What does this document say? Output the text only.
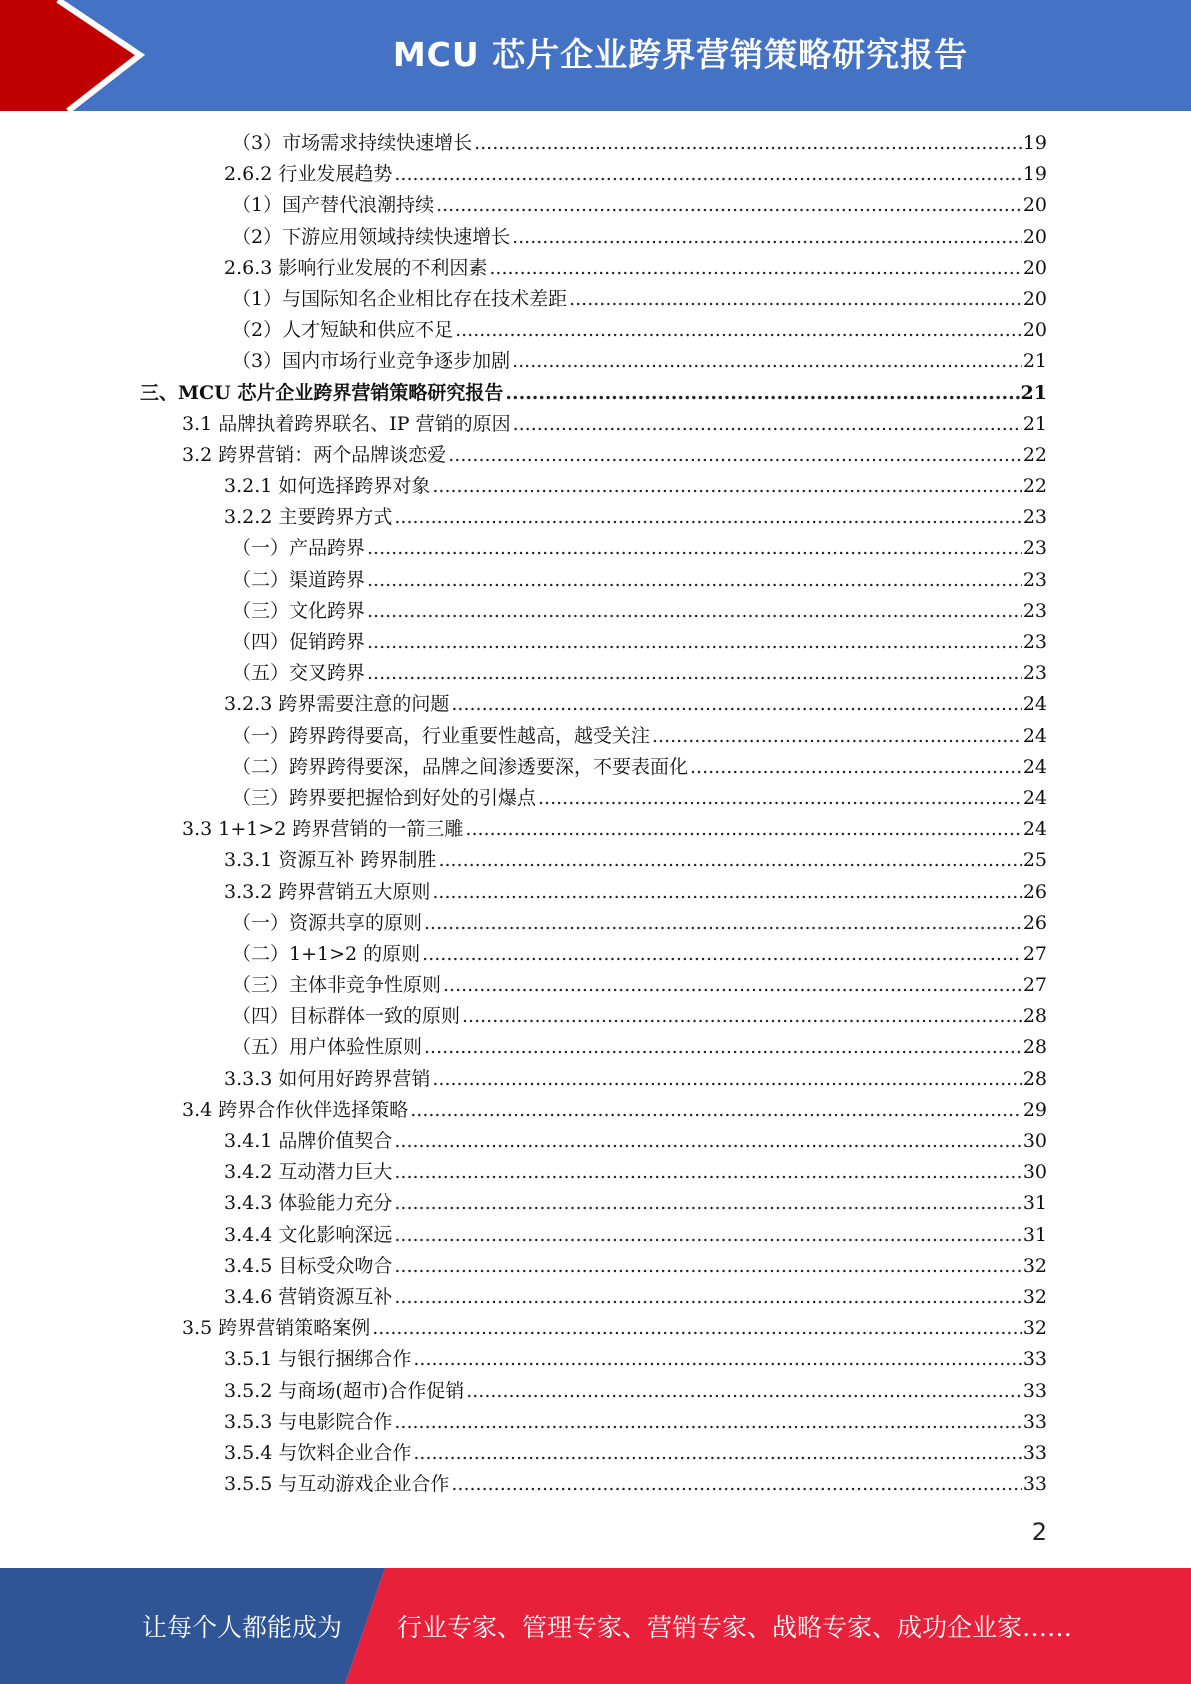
MCU 芯片企业跨界营销策略研究报告
（3）市场需求持续快速增长 .....	19
2.6.2 行业发展趋势 .....	19
（1）国产替代浪潮持续 .....	20
（2）下游应用领域持续快速增长 .....	20
2.6.3 影响行业发展的不利因素 .....	20
（1）与国际知名企业相比存在技术差距 .....	20
（2）人才短缺和供应不足 .....	20
（3）国内市场行业竞争逐步加剧 .....	21
三、MCU 芯片企业跨界营销策略研究报告 .....	21
3.1 品牌执着跨界联名、IP 营销的原因 .....	21
3.2 跨界营销：两个品牌谈恋爱 .....	22
3.2.1 如何选择跨界对象 .....	22
3.2.2 主要跨界方式 .....	23
（一）产品跨界 .....	23
（二）渠道跨界 .....	23
（三）文化跨界 .....	23
（四）促销跨界 .....	23
（五）交叉跨界 .....	23
3.2.3 跨界需要注意的问题 .....	24
（一）跨界跨得要高，行业重要性越高，越受关注 .....	24
（二）跨界跨得要深，品牌之间渗透要深，不要表面化 .....	24
（三）跨界要把握恰到好处的引爆点 .....	24
3.3 1+1>2 跨界营销的一箭三雕 .....	24
3.3.1 资源互补 跨界制胜 .....	25
3.3.2 跨界营销五大原则 .....	26
（一）资源共享的原则 .....	26
（二）1+1>2 的原则 .....	27
（三）主体非竞争性原则 .....	27
（四）目标群体一致的原则 .....	28
（五）用户体验性原则 .....	28
3.3.3 如何用好跨界营销 .....	28
3.4 跨界合作伙伴选择策略 .....	29
3.4.1 品牌价值契合 .....	30
3.4.2 互动潜力巨大 .....	30
3.4.3 体验能力充分 .....	31
3.4.4 文化影响深远 .....	31
3.4.5 目标受众吻合 .....	32
3.4.6 营销资源互补 .....	32
3.5 跨界营销策略案例 .....	32
3.5.1 与银行捆绑合作 .....	33
3.5.2 与商场(超市)合作促销 .....	33
3.5.3 与电影院合作 .....	33
3.5.4 与饮料企业合作 .....	33
3.5.5 与互动游戏企业合作 .....	33
2
让每个人都能成为 行业专家、管理专家、营销专家、战略专家、成功企业家……
